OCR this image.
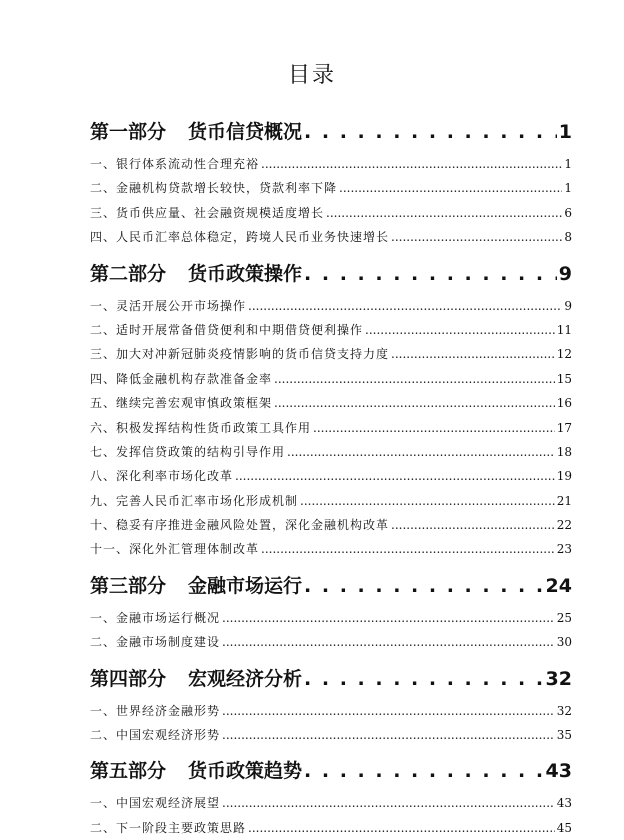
目录
第一部分 货币信贷概况 . . .	1
一、银行体系流动性合理充裕 .....	1
二、金融机构贷款增长较快，贷款利率下降 .....	1
三、货币供应量、社会融资规模适度增长 .....	6
四、人民币汇率总体稳定，跨境人民币业务快速增长 .....	8
第二部分 货币政策操作 . . .	9
一、灵活开展公开市场操作 .....	9
二、适时开展常备借贷便利和中期借贷便利操作 .....	11
三、加大对冲新冠肺炎疫情影响的货币信贷支持力度 .....	12
四、降低金融机构存款准备金率 .....	15
五、继续完善宏观审慎政策框架 .....	16
六、积极发挥结构性货币政策工具作用 .....	17
七、发挥信贷政策的结构引导作用 .....	18
八、深化利率市场化改革 .....	19
九、完善人民币汇率市场化形成机制 .....	21
十、稳妥有序推进金融风险处置，深化金融机构改革 .....	22
十一、深化外汇管理体制改革 .....	23
第三部分 金融市场运行 . . .	24
一、金融市场运行概况 .....	25
二、金融市场制度建设 .....	30
第四部分 宏观经济分析 . . .	32
一、世界经济金融形势 .....	32
二、中国宏观经济形势 .....	35
第五部分 货币政策趋势 . . .	43
一、中国宏观经济展望 .....	43
二、下一阶段主要政策思路 .....	45
